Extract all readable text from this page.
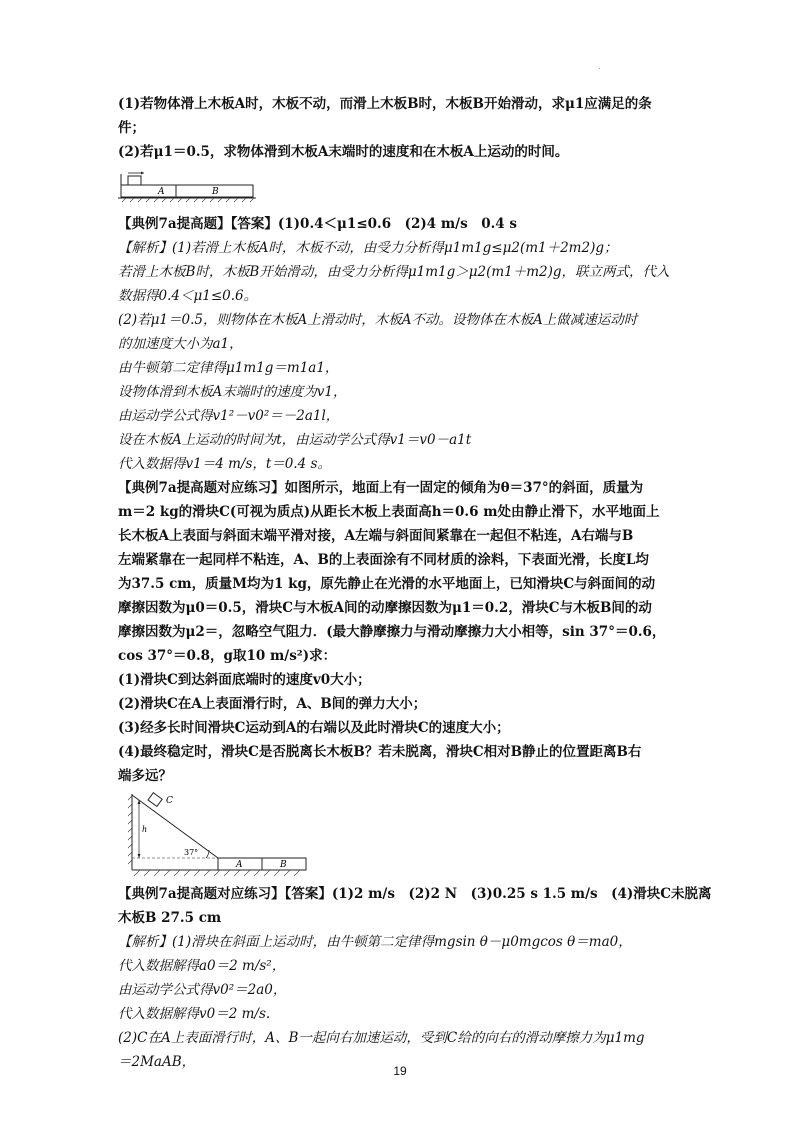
.

(1)若物体滑上木板A时，木板不动，而滑上木板B时，木板B开始滑动，求μ1应满足的条

件；

(2)若μ1＝0.5，求物体滑到木板A末端时的速度和在木板A上运动的时间。

A	B

【典例7a提高题】【答案】(1)0.4＜μ1≤0.6　(2)4 m/s　0.4 s

【解析】(1)若滑上木板A时，木板不动，由受力分析得μ1m1g≤μ2(m1＋2m2)g；

若滑上木板B时，木板B开始滑动，由受力分析得μ1m1g＞μ2(m1＋m2)g，联立两式，代入

数据得0.4＜μ1≤0.6。

(2)若μ1＝0.5，则物体在木板A上滑动时，木板A不动。设物体在木板A上做减速运动时

的加速度大小为a1，

由牛顿第二定律得μ1m1g＝m1a1，

设物体滑到木板A末端时的速度为v1，

由运动学公式得v1²－v0²＝－2a1l，

设在木板A上运动的时间为t，由运动学公式得v1＝v0－a1t

代入数据得v1＝4 m/s，t＝0.4 s。

【典例7a提高题对应练习】如图所示，地面上有一固定的倾角为θ＝37°的斜面，质量为

m＝2 kg的滑块C(可视为质点)从距长木板上表面高h＝0.6 m处由静止滑下，水平地面上

长木板A上表面与斜面末端平滑对接，A左端与斜面间紧靠在一起但不粘连，A右端与B

左端紧靠在一起同样不粘连，A、B的上表面涂有不同材质的涂料，下表面光滑，长度L均

为37.5 cm，质量M均为1 kg，原先静止在光滑的水平地面上，已知滑块C与斜面间的动

摩擦因数为μ0＝0.5，滑块C与木板A间的动摩擦因数为μ1＝0.2，滑块C与木板B间的动

摩擦因数为μ2＝，忽略空气阻力．(最大静摩擦力与滑动摩擦力大小相等，sin 37°＝0.6，

cos 37°＝0.8，g取10 m/s²)求：

(1)滑块C到达斜面底端时的速度v0大小；

(2)滑块C在A上表面滑行时，A、B间的弹力大小；

(3)经多长时间滑块C运动到A的右端以及此时滑块C的速度大小；

(4)最终稳定时，滑块C是否脱离长木板B？若未脱离，滑块C相对B静止的位置距离B右

端多远？

C
h
37°
A	B

【典例7a提高题对应练习】【答案】(1)2 m/s　(2)2 N　(3)0.25 s 1.5 m/s　(4)滑块C未脱离

木板B 27.5 cm

【解析】(1)滑块在斜面上运动时，由牛顿第二定律得mgsin θ－μ0mgcos θ＝ma0，

代入数据解得a0＝2 m/s²，

由运动学公式得v0²＝2a0，

代入数据解得v0＝2 m/s.

(2)C在A上表面滑行时，A、B一起向右加速运动，受到C给的向右的滑动摩擦力为μ1mg

＝2MaAB，

19
